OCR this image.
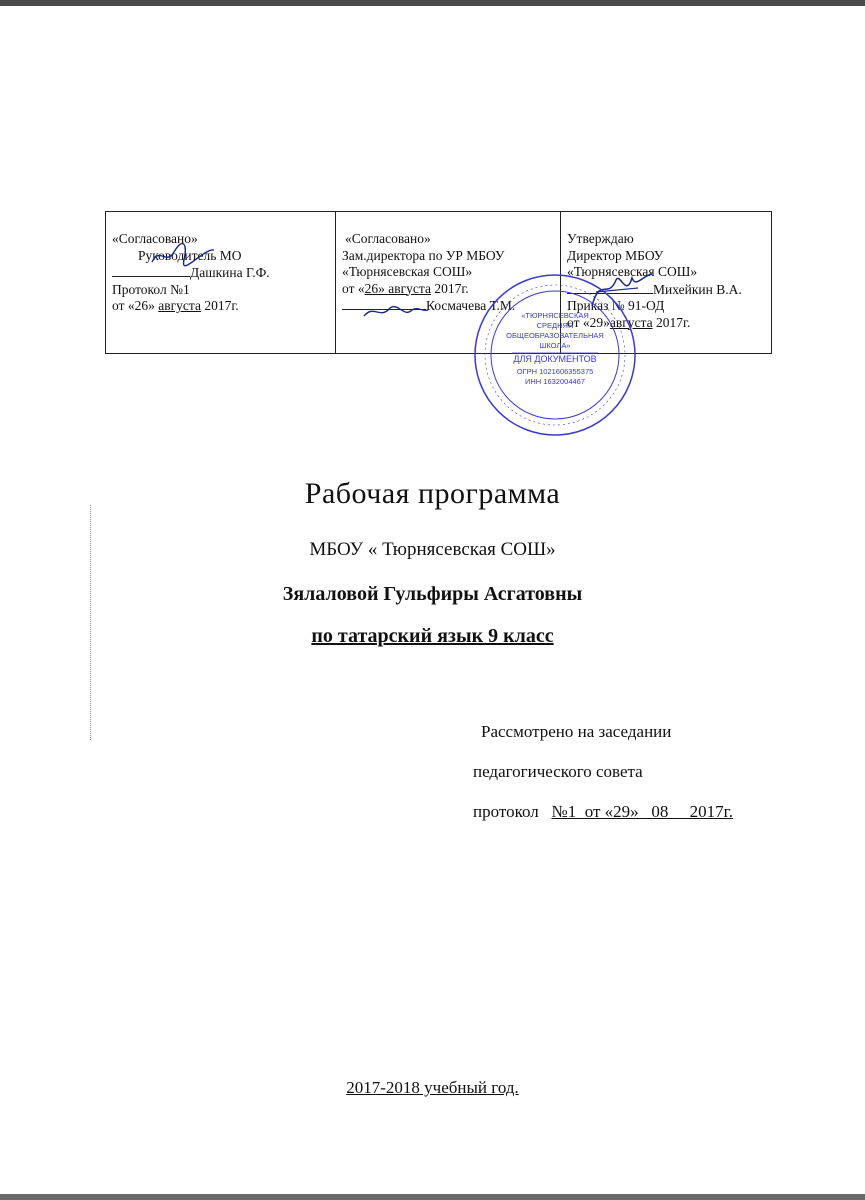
«Согласовано»
Руководитель МО
Дашкина Г.Ф.
Протокол №1
от «26» августа 2017г.

«Согласовано»
Зам.директора по УР МБОУ
«Тюрнясевская СОШ»
от «26» августа 2017г.
Космачева Т.М.

Утверждаю
Директор МБОУ
«Тюрнясевская СОШ»
Михейкин В.А.
Приказ № 91-ОД
от «29»августа 2017г.
«ТЮРНЯСЕВСКАЯ
СРЕДНЯЯ
ОБЩЕОБРАЗОВАТЕЛЬНАЯ
ШКОЛА»
ДЛЯ ДОКУМЕНТОВ
ОГРН 1021606355375
ИНН 1632004467
Рабочая программа
МБОУ « Тюрнясевская СОШ»
Зялаловой Гульфиры Асгатовны
по татарский язык 9 класс
Рассмотрено на заседании
педагогического совета
протокол   №1  от «29»   08     2017г.
2017-2018 учебный год.
